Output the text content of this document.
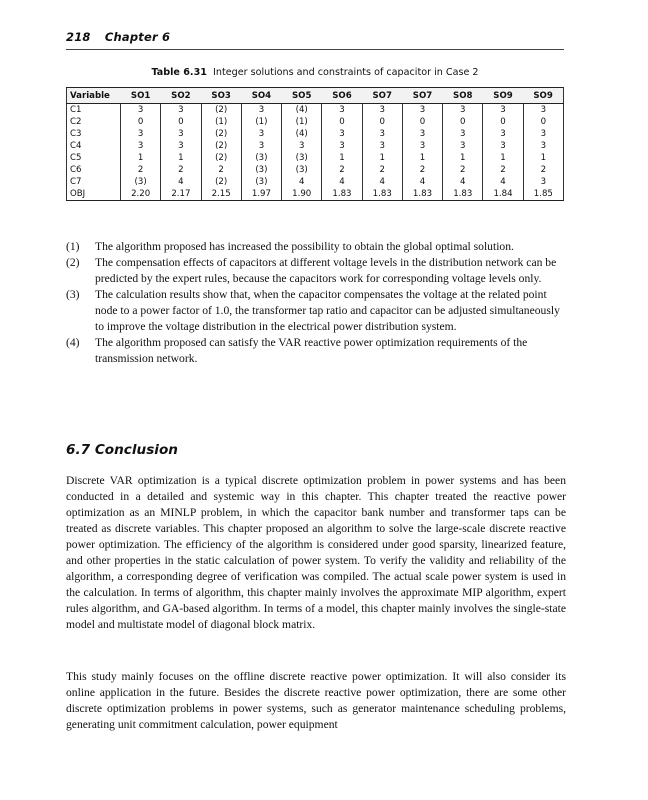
218 Chapter 6
Table 6.31 Integer solutions and constraints of capacitor in Case 2
Variable	SO1	SO2	SO3	SO4	SO5	SO6	SO7	SO7	SO8	SO9	SO9
C1	3	3	(2)	3	(4)	3	3	3	3	3	3
C2	0	0	(1)	(1)	(1)	0	0	0	0	0	0
C3	3	3	(2)	3	(4)	3	3	3	3	3	3
C4	3	3	(2)	3	3	3	3	3	3	3	3
C5	1	1	(2)	(3)	(3)	1	1	1	1	1	1
C6	2	2	2	(3)	(3)	2	2	2	2	2	2
C7	(3)	4	(2)	(3)	4	4	4	4	4	4	3
OBJ	2.20	2.17	2.15	1.97	1.90	1.83	1.83	1.83	1.83	1.84	1.85
(1)	The algorithm proposed has increased the possibility to obtain the global optimal solution.
(2)	The compensation effects of capacitors at different voltage levels in the distribution network can be predicted by the expert rules, because the capacitors work for corresponding voltage levels only.
(3)	The calculation results show that, when the capacitor compensates the voltage at the related point node to a power factor of 1.0, the transformer tap ratio and capacitor can be adjusted simultaneously to improve the voltage distribution in the electrical power distribution system.
(4)	The algorithm proposed can satisfy the VAR reactive power optimization requirements of the transmission network.
6.7 Conclusion

Discrete VAR optimization is a typical discrete optimization problem in power systems and has been conducted in a detailed and systemic way in this chapter. This chapter treated the reactive power optimization as an MINLP problem, in which the capacitor bank number and transformer taps can be treated as discrete variables. This chapter proposed an algorithm to solve the large-scale discrete reactive power optimization. The efficiency of the algorithm is considered under good sparsity, linearized feature, and other properties in the static calculation of power system. To verify the validity and reliability of the algorithm, a corresponding degree of verification was compiled. The actual scale power system is used in the calculation. In terms of algorithm, this chapter mainly involves the approximate MIP algorithm, expert rules algorithm, and GA-based algorithm. In terms of a model, this chapter mainly involves the single-state model and multistate model of diagonal block matrix.

This study mainly focuses on the offline discrete reactive power optimization. It will also consider its online application in the future. Besides the discrete reactive power optimization, there are some other discrete optimization problems in power systems, such as generator maintenance scheduling problems, generating unit commitment calculation, power equipment
